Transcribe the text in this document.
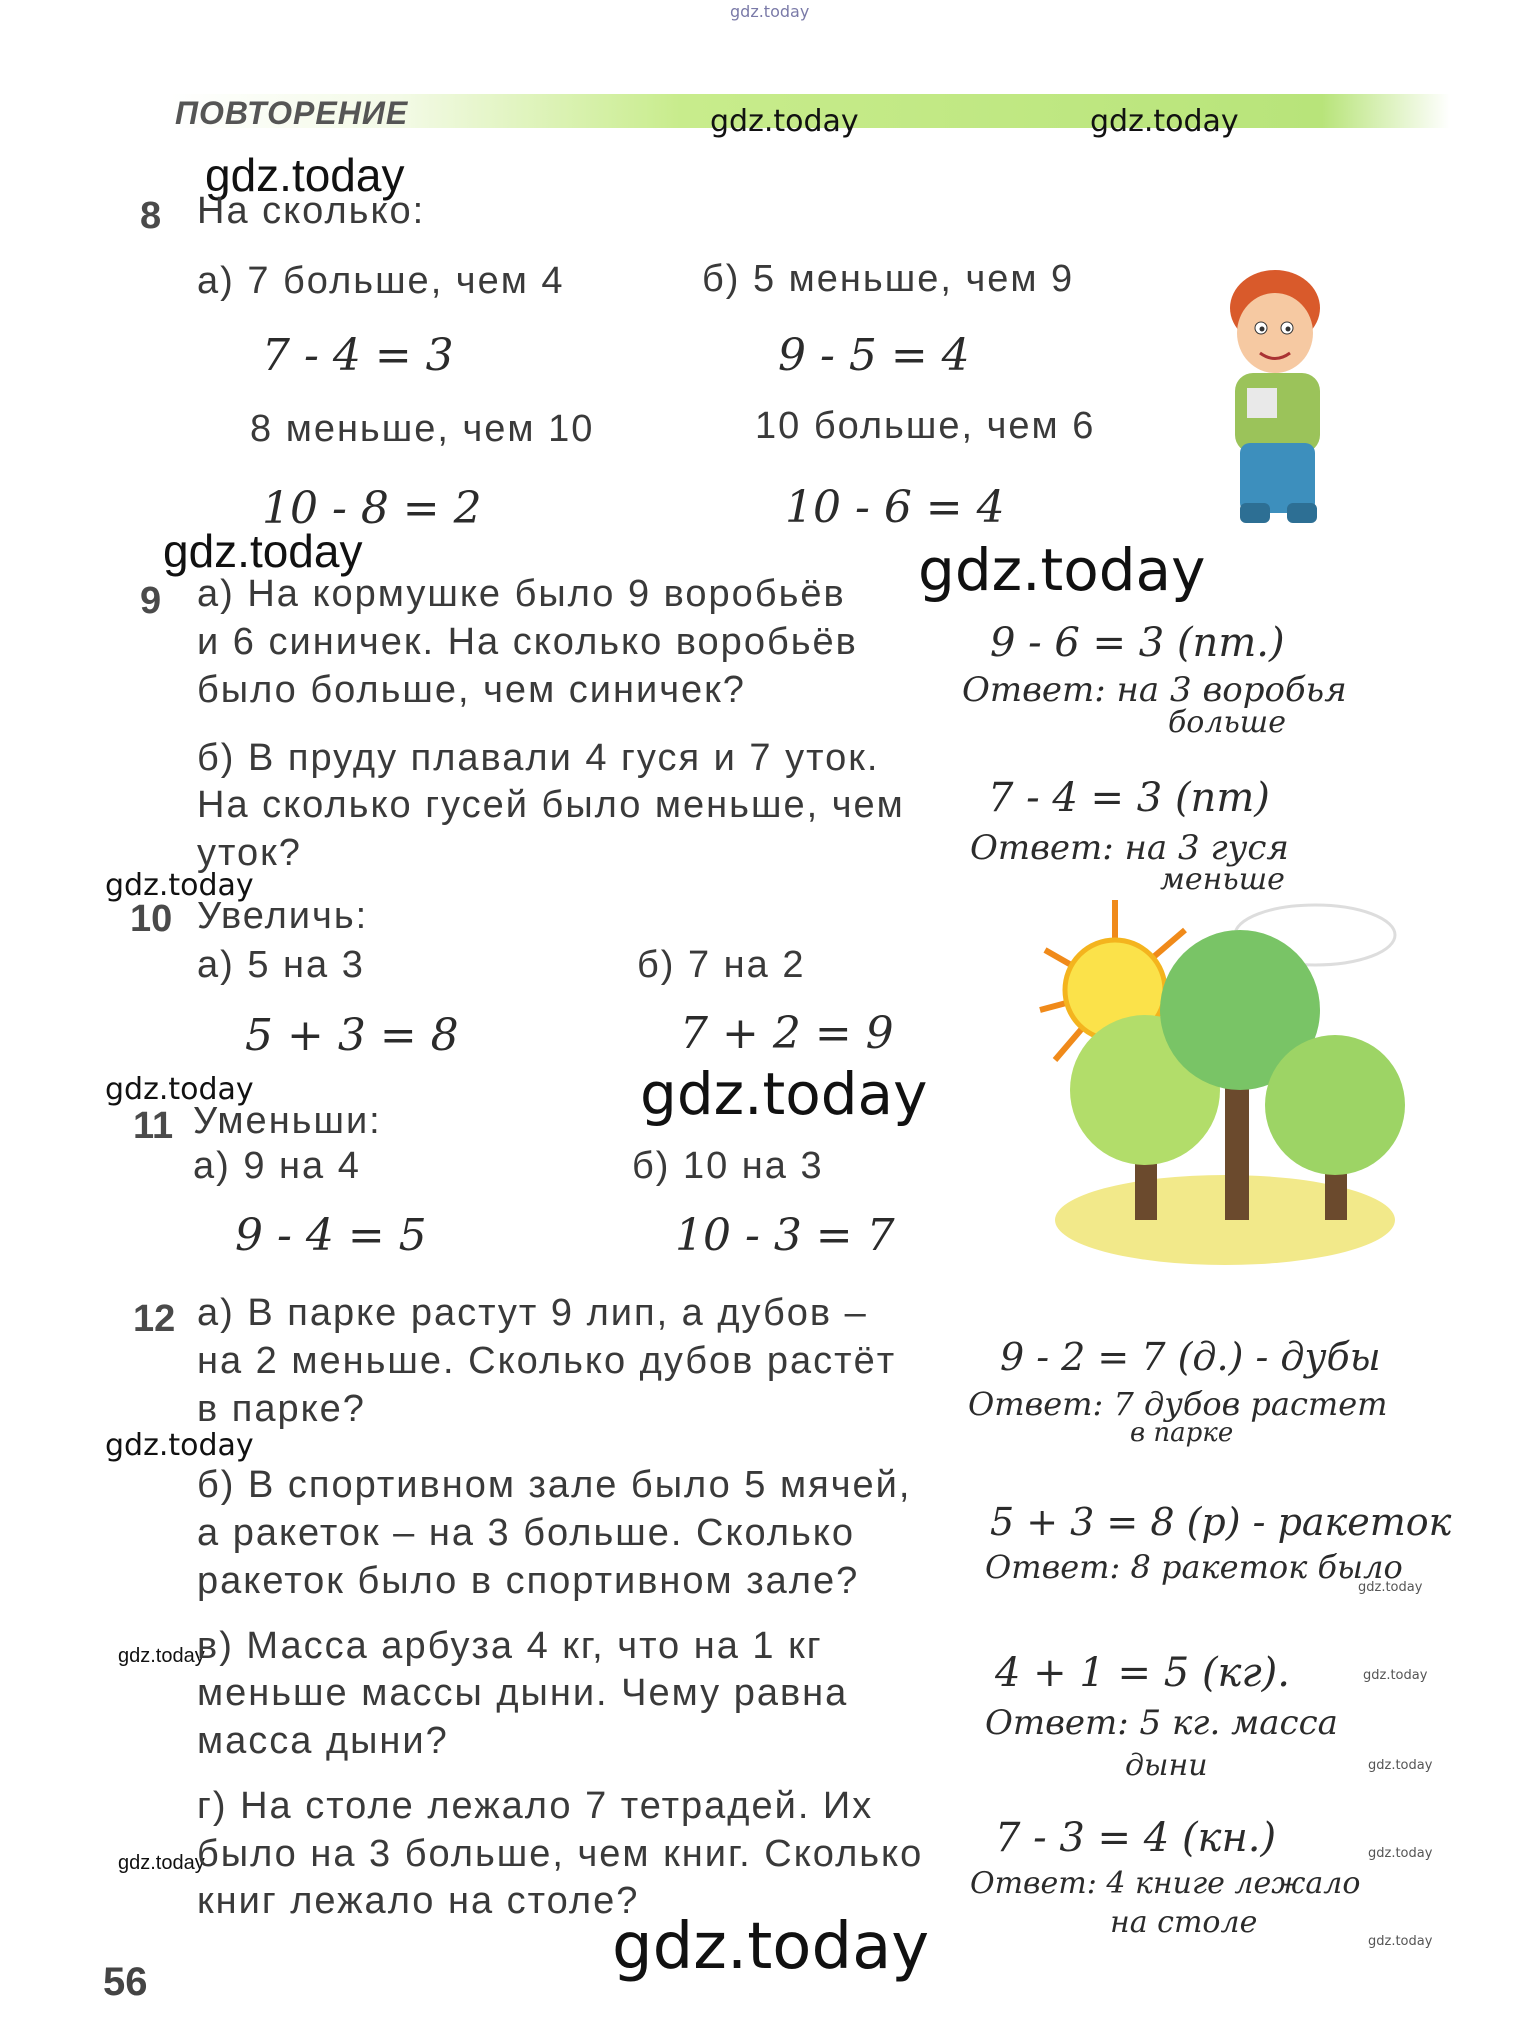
gdz.today
ПОВТОРЕНИЕ	gdz.today	gdz.today
gdz.today
8 На сколько:
а) 7 больше, чем 4	б) 5 меньше, чем 9
7 - 4 = 3	9 - 5 = 4
8 меньше, чем 10	10 больше, чем 6
10 - 8 = 2	10 - 6 = 4
gdz.today	gdz.today
9 а) На кормушке было 9 воробьёв
и 6 синичек. На сколько воробьёв
было больше, чем синичек?
9 - 6 = 3 (пт.)
Ответ: на 3 воробья
больше
б) В пруду плавали 4 гуся и 7 уток.
На сколько гусей было меньше, чем
уток?
7 - 4 = 3 (пт)
Ответ: на 3 гуся
меньше
gdz.today
10 Увеличь:
а) 5 на 3	б) 7 на 2
5 + 3 = 8	7 + 2 = 9
gdz.today	gdz.today
11 Уменьши:
а) 9 на 4	б) 10 на 3
9 - 4 = 5	10 - 3 = 7
12 а) В парке растут 9 лип, а дубов –
на 2 меньше. Сколько дубов растёт
в парке?
9 - 2 = 7 (д.) - дубы
Ответ: 7 дубов растет
в парке
gdz.today
б) В спортивном зале было 5 мячей,
а ракеток – на 3 больше. Сколько
ракеток было в спортивном зале?
5 + 3 = 8 (р) - ракеток
Ответ: 8 ракеток было
gdz.today
gdz.today
в) Масса арбуза 4 кг, что на 1 кг
меньше массы дыни. Чему равна
масса дыни?
4 + 1 = 5 (кг).
Ответ: 5 кг. масса
дыни
gdz.today
gdz.today
gdz.today
г) На столе лежало 7 тетрадей. Их
было на 3 больше, чем книг. Сколько
книг лежало на столе?
7 - 3 = 4 (кн.)
Ответ: 4 книге лежало
на столе
gdz.today
gdz.today
gdz.today
56
